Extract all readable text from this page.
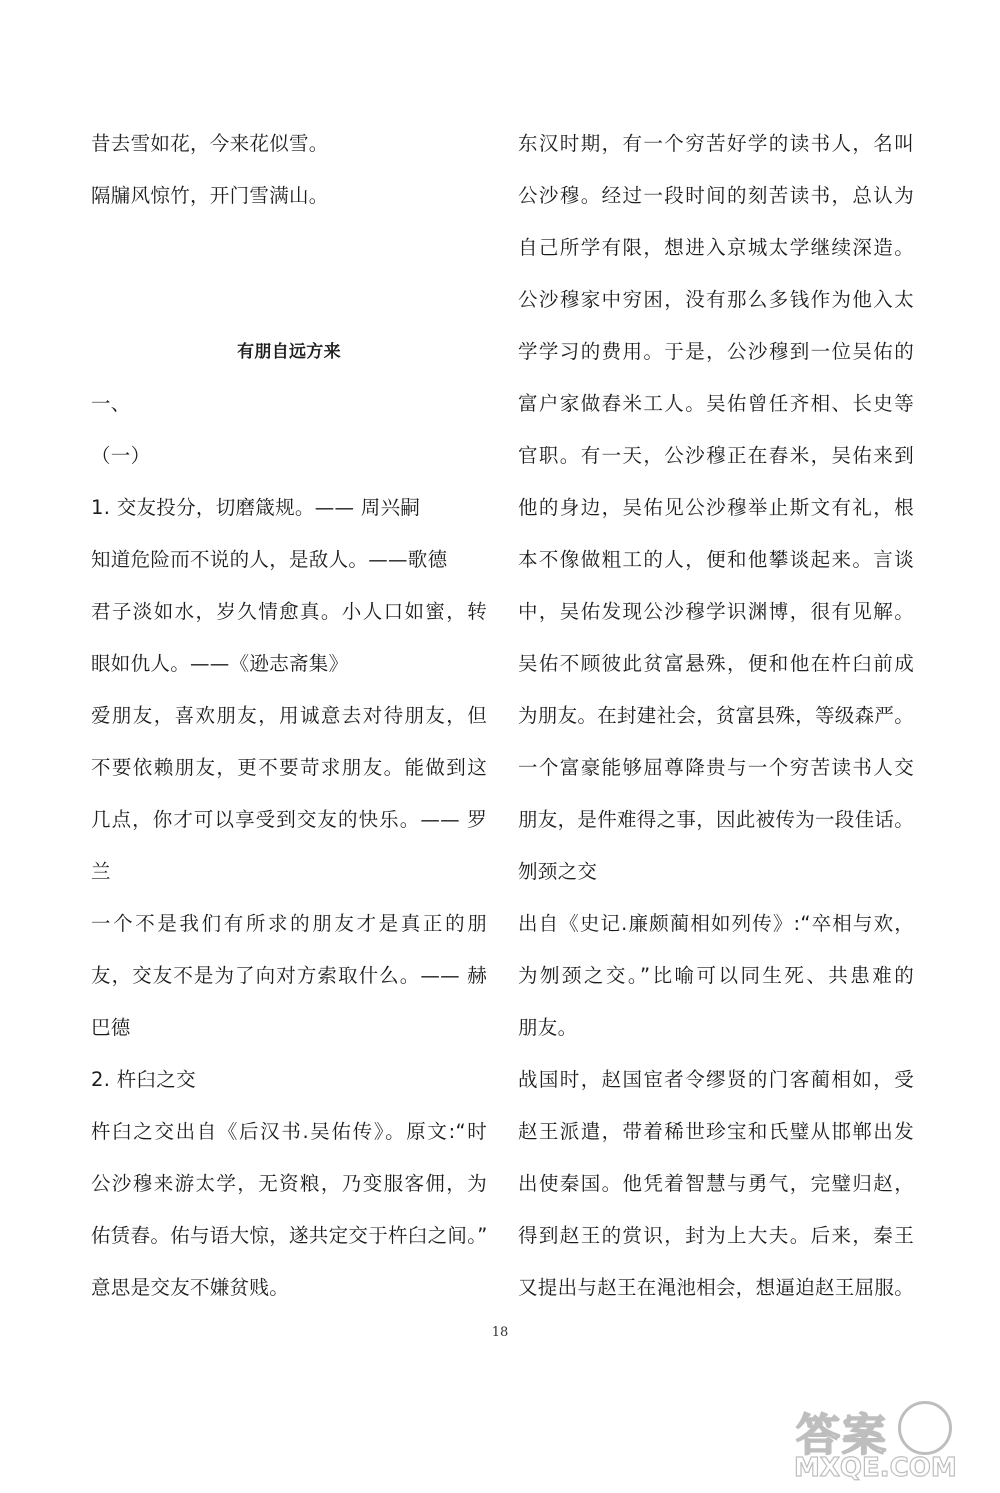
昔去雪如花，今来花似雪。
隔牖风惊竹，开门雪满山。
有朋自远方来
一、
（一）
1. 交友投分，切磨箴规。—— 周兴嗣
知道危险而不说的人，是敌人。——歌德
君子淡如水，岁久情愈真。小人口如蜜，转
眼如仇人。——《逊志斋集》
爱朋友，喜欢朋友，用诚意去对待朋友，但
不要依赖朋友，更不要苛求朋友。能做到这
几点，你才可以享受到交友的快乐。—— 罗
兰
一个不是我们有所求的朋友才是真正的朋
友，交友不是为了向对方索取什么。—— 赫
巴德
2. 杵臼之交
杵臼之交出自《后汉书.吴佑传》。原文:“时
公沙穆来游太学，无资粮，乃变服客佣，为
佑赁舂。佑与语大惊，遂共定交于杵臼之间。”
意思是交友不嫌贫贱。
东汉时期，有一个穷苦好学的读书人，名叫
公沙穆。经过一段时间的刻苦读书，总认为
自己所学有限，想进入京城太学继续深造。
公沙穆家中穷困，没有那么多钱作为他入太
学学习的费用。于是，公沙穆到一位吴佑的
富户家做舂米工人。吴佑曾任齐相、长史等
官职。有一天，公沙穆正在舂米，吴佑来到
他的身边，吴佑见公沙穆举止斯文有礼，根
本不像做粗工的人，便和他攀谈起来。言谈
中，吴佑发现公沙穆学识渊博，很有见解。
吴佑不顾彼此贫富悬殊，便和他在杵臼前成
为朋友。在封建社会，贫富县殊，等级森严。
一个富豪能够屈尊降贵与一个穷苦读书人交
朋友，是件难得之事，因此被传为一段佳话。
刎颈之交
出自《史记.廉颇蔺相如列传》:“卒相与欢，
为刎颈之交。”比喻可以同生死、共患难的
朋友。
战国时，赵国宦者令缪贤的门客蔺相如，受
赵王派遣，带着稀世珍宝和氏璧从邯郸出发
出使秦国。他凭着智慧与勇气，完璧归赵，
得到赵王的赏识，封为上大夫。后来，秦王
又提出与赵王在渑池相会，想逼迫赵王屈服。
18
答案
MXQE.COM
